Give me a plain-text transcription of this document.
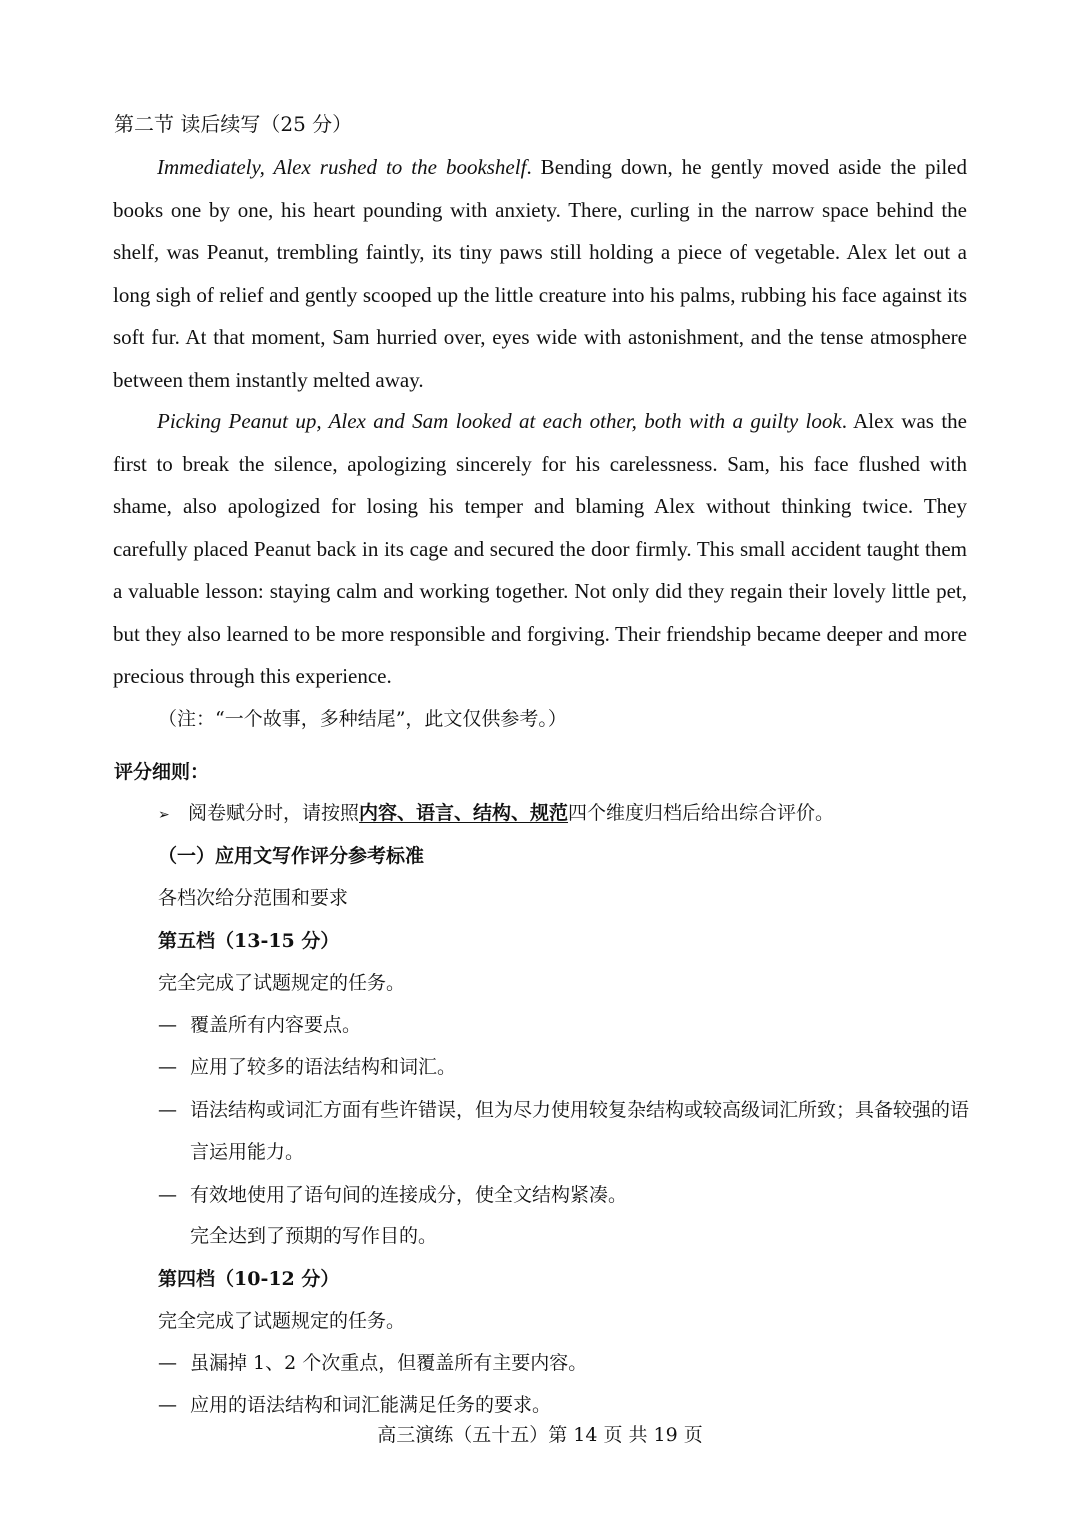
第二节 读后续写（25 分）

Immediately, Alex rushed to the bookshelf. Bending down, he gently moved aside the piled books one by one, his heart pounding with anxiety. There, curling in the narrow space behind the shelf, was Peanut, trembling faintly, its tiny paws still holding a piece of vegetable. Alex let out a long sigh of relief and gently scooped up the little creature into his palms, rubbing his face against its soft fur. At that moment, Sam hurried over, eyes wide with astonishment, and the tense atmosphere between them instantly melted away.

Picking Peanut up, Alex and Sam looked at each other, both with a guilty look. Alex was the first to break the silence, apologizing sincerely for his carelessness. Sam, his face flushed with shame, also apologized for losing his temper and blaming Alex without thinking twice. They carefully placed Peanut back in its cage and secured the door firmly. This small accident taught them a valuable lesson: staying calm and working together. Not only did they regain their lovely little pet, but they also learned to be more responsible and forgiving. Their friendship became deeper and more precious through this experience.

（注：“一个故事，多种结尾”，此文仅供参考。）

评分细则：

➢ 阅卷赋分时，请按照内容、语言、结构、规范四个维度归档后给出综合评价。

（一）应用文写作评分参考标准

各档次给分范围和要求

第五档（13-15 分）

完全完成了试题规定的任务。

— 覆盖所有内容要点。

— 应用了较多的语法结构和词汇。

— 语法结构或词汇方面有些许错误，但为尽力使用较复杂结构或较高级词汇所致；具备较强的语言运用能力。

— 有效地使用了语句间的连接成分，使全文结构紧凑。

完全达到了预期的写作目的。

第四档（10-12 分）

完全完成了试题规定的任务。

— 虽漏掉 1、2 个次重点，但覆盖所有主要内容。

— 应用的语法结构和词汇能满足任务的要求。

高三演练（五十五）第 14 页 共 19 页
